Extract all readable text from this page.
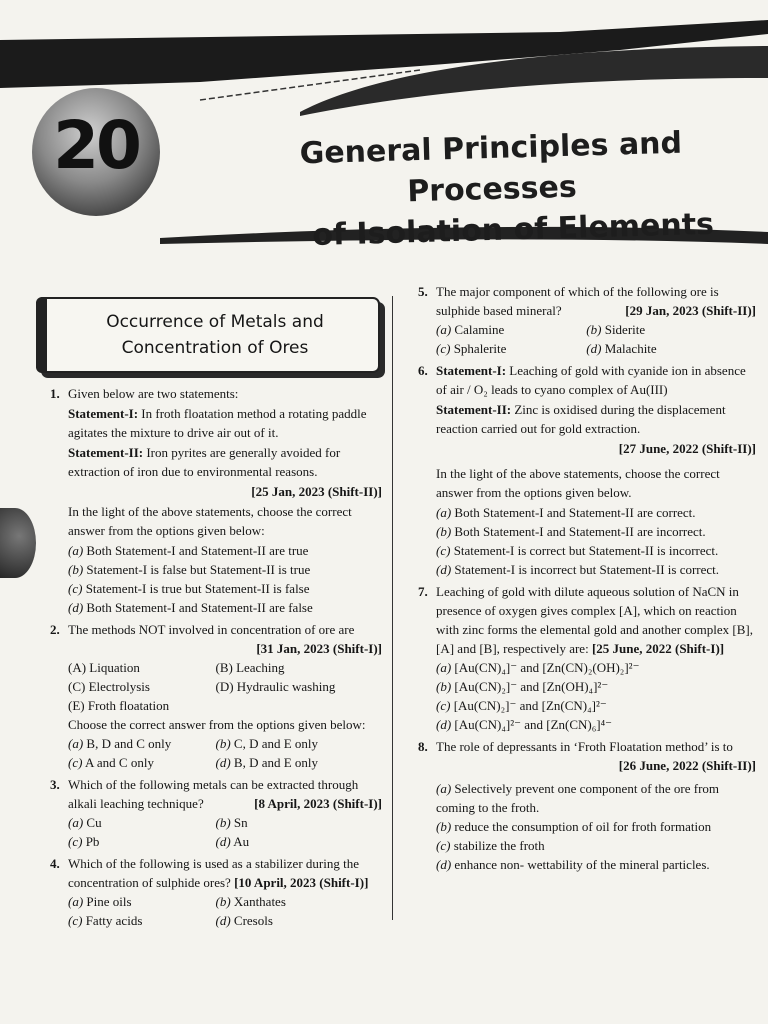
20	General Principles and Processes
of Isolation of Elements
Occurrence of Metals and
Concentration of Ores
1. Given below are two statements:
Statement-I: In froth floatation method a rotating paddle agitates the mixture to drive air out of it.
Statement-II: Iron pyrites are generally avoided for extraction of iron due to environmental reasons.
[25 Jan, 2023 (Shift-II)]
In the light of the above statements, choose the correct answer from the options given below:
(a) Both Statement-I and Statement-II are true
(b) Statement-I is false but Statement-II is true
(c) Statement-I is true but Statement-II is false
(d) Both Statement-I and Statement-II are false
2. The methods NOT involved in concentration of ore are
[31 Jan, 2023 (Shift-I)]
(A) Liquation	(B) Leaching
(C) Electrolysis	(D) Hydraulic washing
(E) Froth floatation
Choose the correct answer from the options given below:
(a) B, D and C only	(b) C, D and E only
(c) A and C only	(d) B, D and E only
3. Which of the following metals can be extracted through alkali leaching technique?	[8 April, 2023 (Shift-I)]
(a) Cu	(b) Sn
(c) Pb	(d) Au
4. Which of the following is used as a stabilizer during the concentration of sulphide ores? [10 April, 2023 (Shift-I)]
(a) Pine oils	(b) Xanthates
(c) Fatty acids	(d) Cresols
5. The major component of which of the following ore is sulphide based mineral?	[29 Jan, 2023 (Shift-II)]
(a) Calamine	(b) Siderite
(c) Sphalerite	(d) Malachite
6. Statement-I: Leaching of gold with cyanide ion in absence of air / O₂ leads to cyano complex of Au(III)
Statement-II: Zinc is oxidised during the displacement reaction carried out for gold extraction.
[27 June, 2022 (Shift-II)]
In the light of the above statements, choose the correct answer from the options given below.
(a) Both Statement-I and Statement-II are correct.
(b) Both Statement-I and Statement-II are incorrect.
(c) Statement-I is correct but Statement-II is incorrect.
(d) Statement-I is incorrect but Statement-II is correct.
7. Leaching of gold with dilute aqueous solution of NaCN in presence of oxygen gives complex [A], which on reaction with zinc forms the elemental gold and another complex [B], [A] and [B], respectively are: [25 June, 2022 (Shift-I)]
(a) [Au(CN)₄]⁻ and [Zn(CN)₂(OH)₂]²⁻
(b) [Au(CN)₂]⁻ and [Zn(OH)₄]²⁻
(c) [Au(CN)₂]⁻ and [Zn(CN)₄]²⁻
(d) [Au(CN)₄]²⁻ and [Zn(CN)₆]⁴⁻
8. The role of depressants in ‘Froth Floatation method’ is to
[26 June, 2022 (Shift-II)]
(a) Selectively prevent one component of the ore from coming to the froth.
(b) reduce the consumption of oil for froth formation
(c) stabilize the froth
(d) enhance non- wettability of the mineral particles.
